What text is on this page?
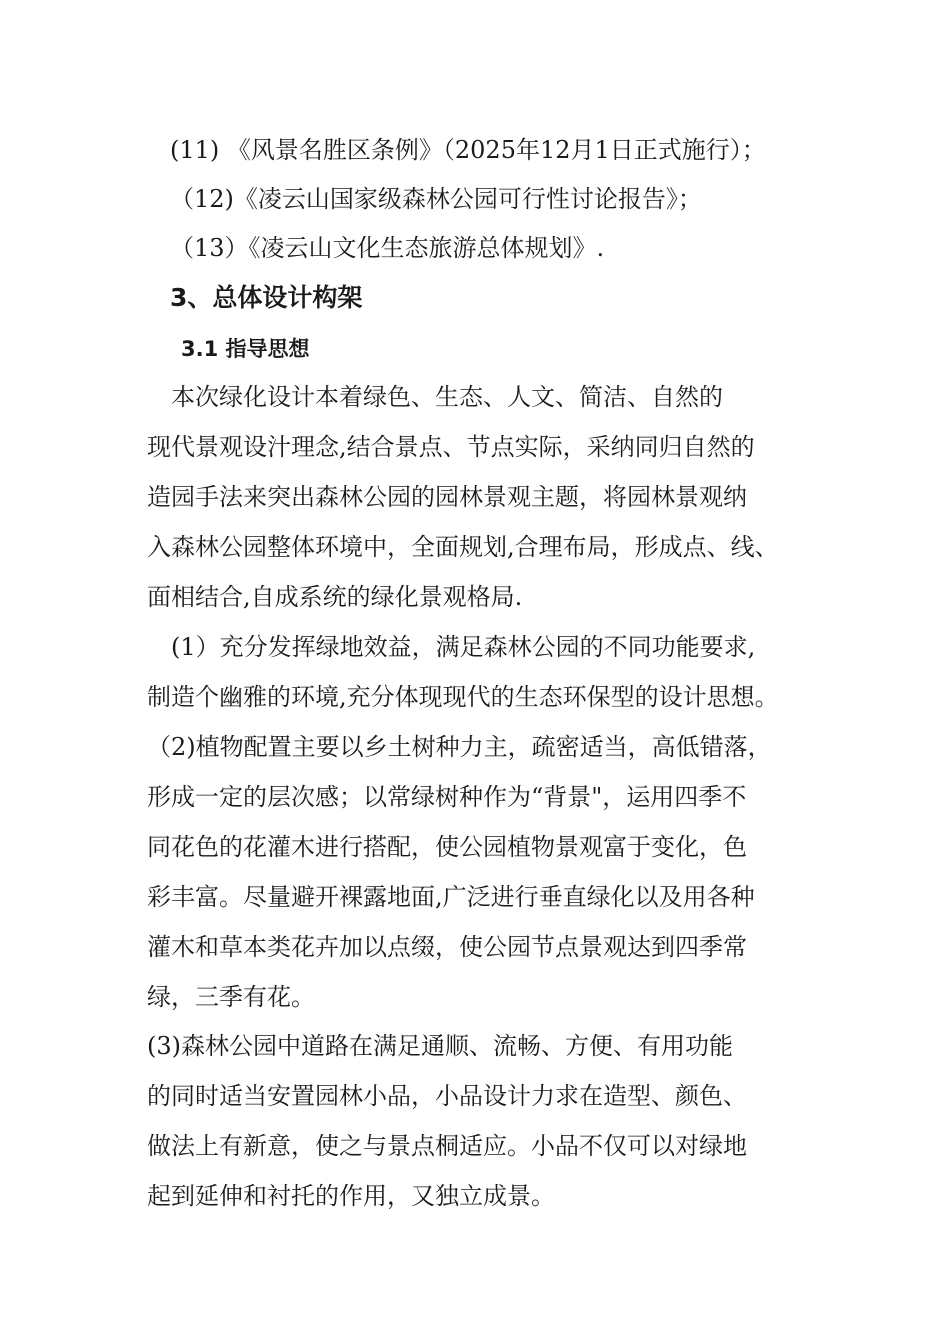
(11) 《风景名胜区条例》（2025年12月1日正式施行）；

（12)《凌云山国家级森林公园可行性讨论报告》；

（13）《凌云山文化生态旅游总体规划》.

3、总体设计构架
3.1 指导思想

　本次绿化设计本着绿色、生态、人文、简洁、自然的

现代景观设汁理念,结合景点、节点实际，采纳同归自然的

造园手法来突出森林公园的园林景观主题，将园林景观纳

入森林公园整体环境中，全面规划,合理布局，形成点、线、

面相结合,自成系统的绿化景观格局.

　(1）充分发挥绿地效益，满足森林公园的不同功能要求,

制造个幽雅的环境,充分体现现代的生态环保型的设计思想。

（2)植物配置主要以乡土树种力主，疏密适当，高低错落，

形成一定的层次感；以常绿树种作为“背景"，运用四季不

同花色的花灌木进行搭配，使公园植物景观富于变化，色

彩丰富。尽量避开裸露地面,广泛进行垂直绿化以及用各种

灌木和草本类花卉加以点缀，使公园节点景观达到四季常

绿，三季有花。

(3)森林公园中道路在满足通顺、流畅、方便、有用功能

的同时适当安置园林小品，小品设计力求在造型、颜色、

做法上有新意，使之与景点桐适应。小品不仅可以对绿地

起到延伸和衬托的作用，又独立成景。
